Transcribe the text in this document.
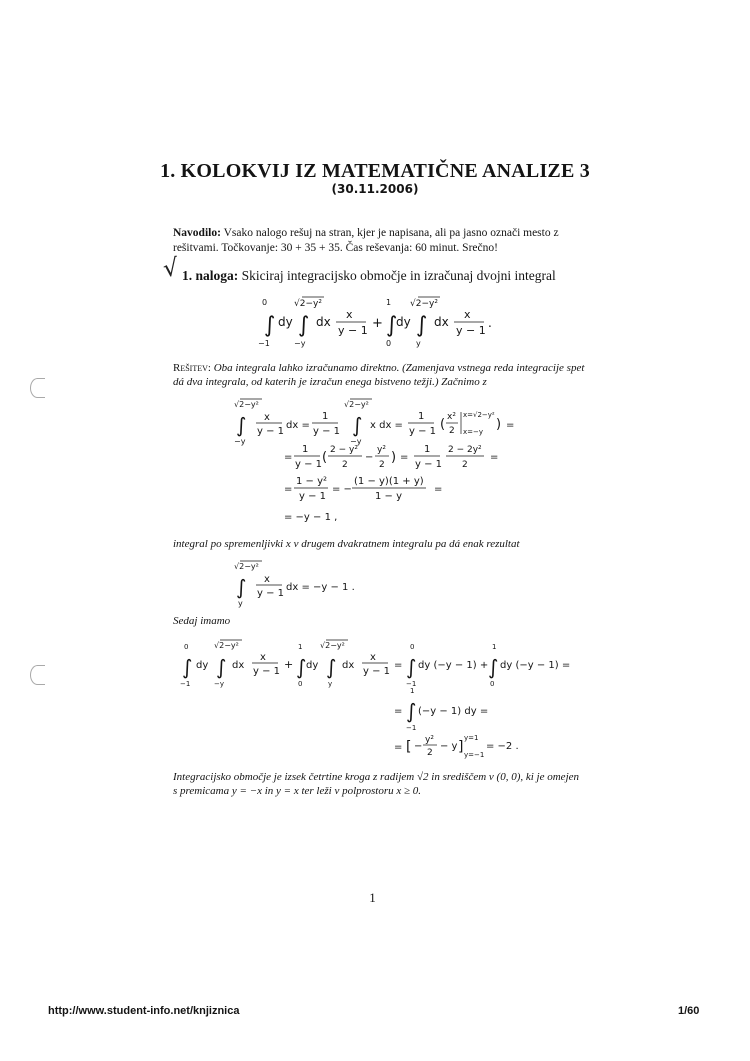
1. KOLOKVIJ IZ MATEMATIČNE ANALIZE 3
(30.11.2006)
Navodilo: Vsako nalogo rešuj na stran, kjer je napisana, ali pa jasno označi mesto z rešitvami. Točkovanje: 30 + 35 + 35. Čas reševanja: 60 minut. Srečno!
√ 1. naloga: Skiciraj integracijsko območje in izračunaj dvojni integral
0
∫
−1
dy
√2−y²
∫
−y
dx
x
y − 1 +
1
∫
0
dy
√2−y²
∫
y
dx
x
y − 1
.
Rešitev: Oba integrala lahko izračunamo direktno. (Zamenjava vstnega reda integracije spet dá dva integrala, od katerih je izračun enega bistveno težji.) Začnimo z
√2−y²
∫
−y
x
y − 1
dx =
1
y − 1
√2−y²
∫
−y
x dx =
1
y − 1 ( x²
2
x=√2−y²
x=−y ) =
=
1
y − 1 ( 2 − y²
2
−
y²
2 ) =
1
y − 1
2 − 2y²
2
=
=
1 − y²
y − 1
= −
(1 − y)(1 + y)
1 − y
=
= −y − 1 ,
integral po spremenljivki x v drugem dvakratnem integralu pa dá enak rezultat
√2−y²
∫
y
x
y − 1
dx = −y − 1 .
Sedaj imamo
0
∫
−1
dy
√2−y²
∫
−y
dx
x
y − 1
+
1
∫
0
dy
√2−y²
∫
y
dx
x
y − 1
=
0
∫
−1
dy (−y − 1) +
1
∫
0
dy (−y − 1) =
=
1
∫
−1
(−y − 1) dy =
= [ −
y²
2
− y ]
y=1
y=−1
= −2 .
Integracijsko območje je izsek četrtine kroga z radijem √2 in središčem v (0, 0), ki je omejen s premicama y = −x in y = x ter leži v polprostoru x ≥ 0.
1
http://www.student-info.net/knjiznica	1/60
